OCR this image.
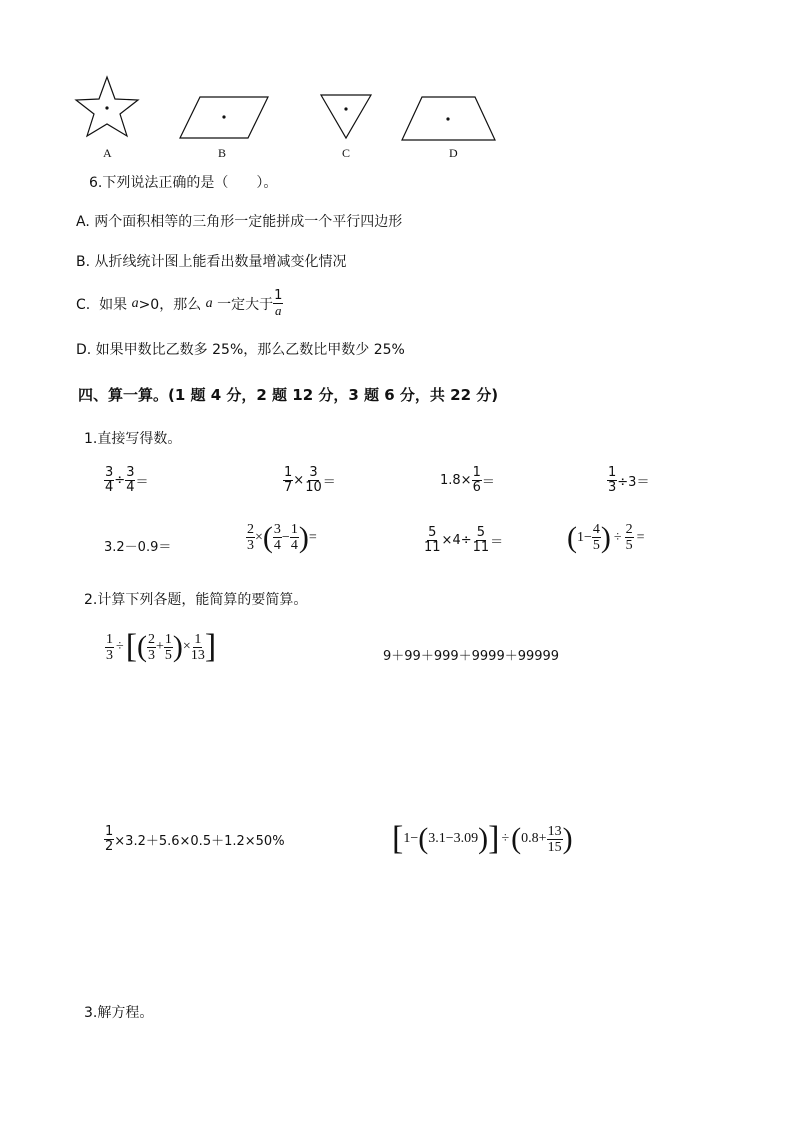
A	B	C	D
6.下列说法正确的是（　　）。
A. 两个面积相等的三角形一定能拼成一个平行四边形
B. 从折线统计图上能看出数量增减变化情况
C.  如果 a >0，那么 a 一定大于 $\frac{1}{a}$
D. 如果甲数比乙数多 25%，那么乙数比甲数少 25%
四、算一算。(1 题 4 分，2 题 12 分，3 题 6 分，共 22 分)
1.直接写得数。
$\frac{3}{4} \div \frac{3}{4}$ ＝	$\frac{1}{7} \times \frac{3}{10}$ ＝	$1.8\times \frac{1}{6}$ ＝	$\frac{1}{3} \div 3=$
3.2－0.9＝	$\frac{2}{3}$ × ( $\frac{3}{4} - \frac{1}{4}$ ) =	$\frac{5}{11} \times 4\div \frac{5}{11}$ ＝ ( $1- \frac{4}{5}$ ) ÷ $\frac{2}{5}$ =
2.计算下列各题，能简算的要简算。
$\frac{1}{3}$ ÷ [ ( $\frac{2}{3} + \frac{1}{5}$ ) × $\frac{1}{13}$ ]	9＋99＋999＋9999＋99999
$\frac{1}{2} \times 3.2+5.6\times 0.5+1.2\times 50\%$	[ 1− ( 3.1−3.09 ) ] ÷ ( $0.8+ \frac{13}{15}$ )
3.解方程。
